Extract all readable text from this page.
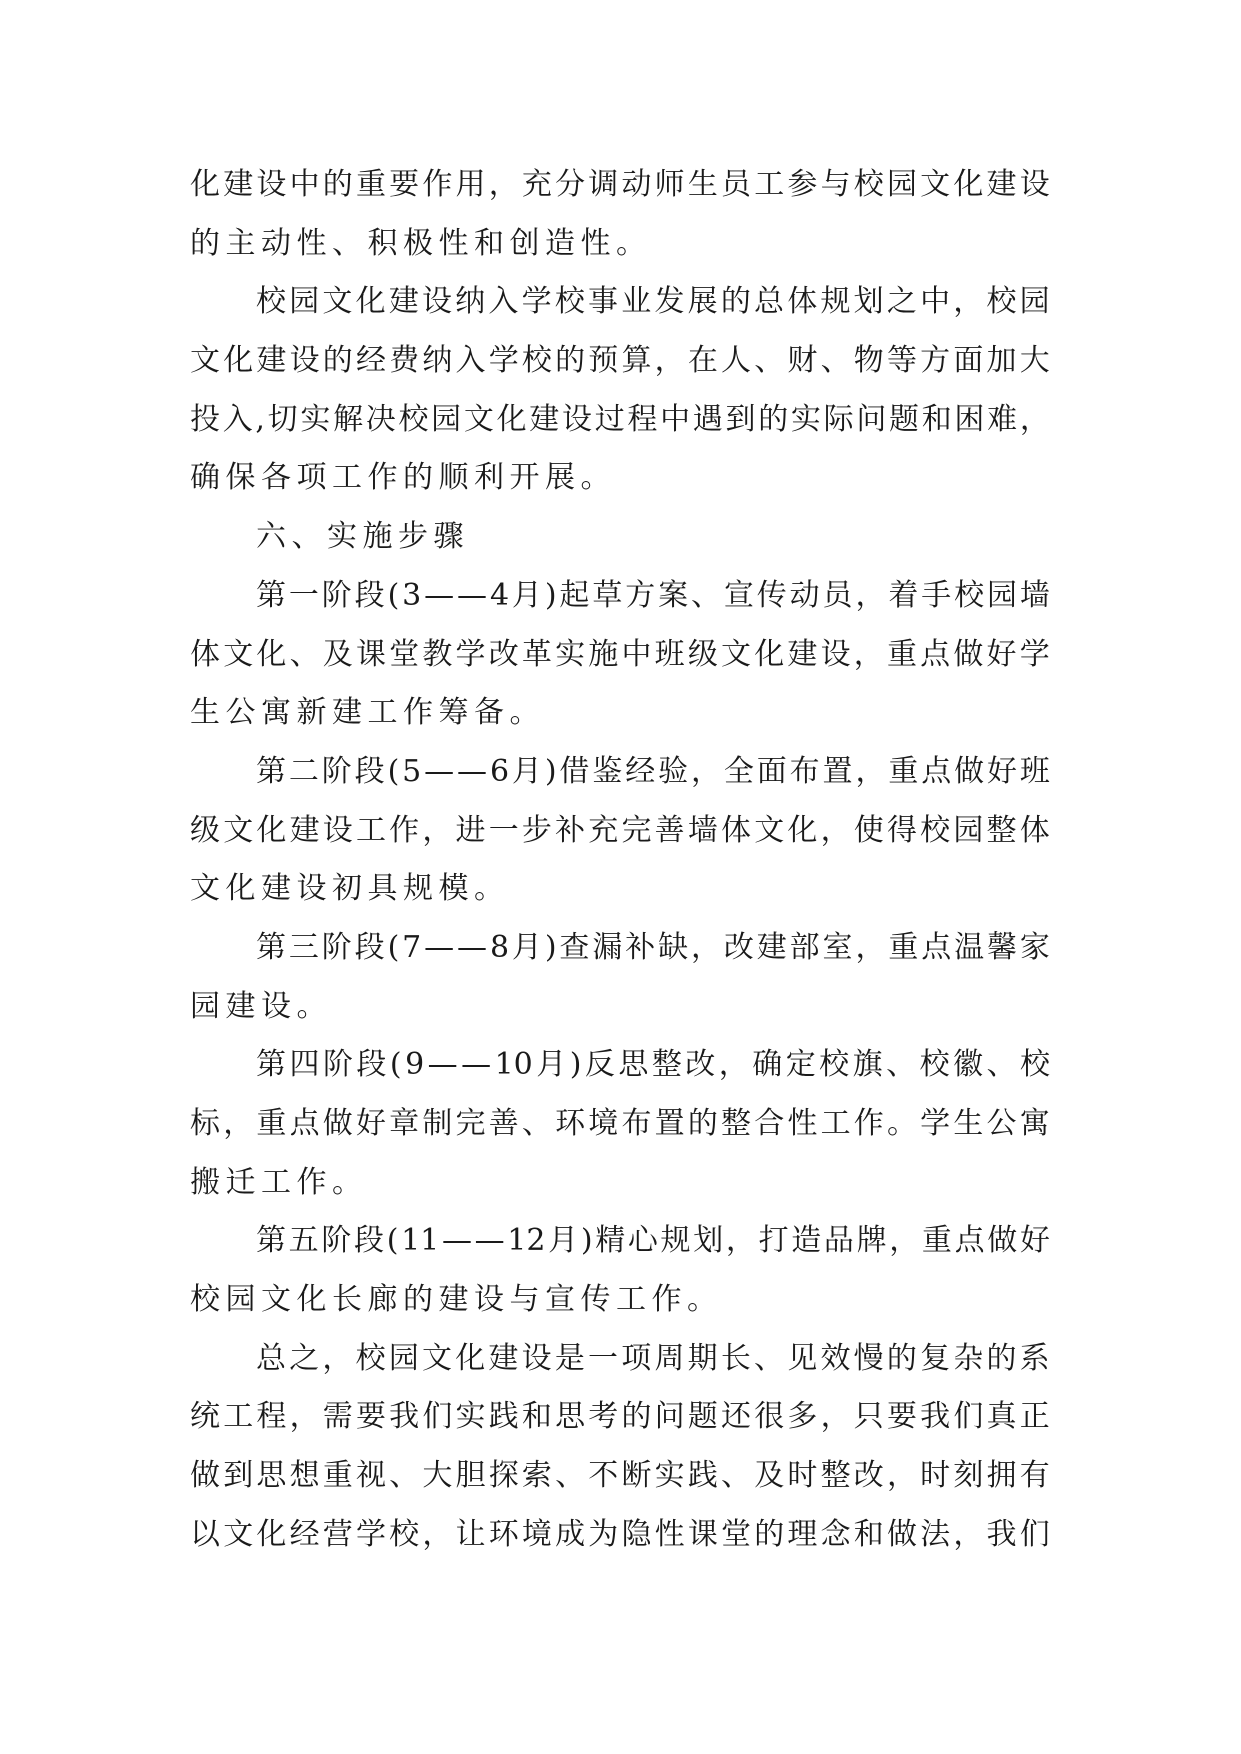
化 建 设 中 的 重 要 作 用 ， 充 分 调 动 师 生 员 工 参 与 校 园 文 化 建 设
的主动性、积极性和创造性。
校 园 文 化 建 设 纳 入 学 校 事 业 发 展 的 总 体 规 划 之 中 ， 校 园
文 化 建 设 的 经 费 纳 入 学 校 的 预 算 ， 在 人 、 财 、 物 等 方 面 加 大
投 入 , 切 实 解 决 校 园 文 化 建 设 过 程 中 遇 到 的 实 际 问 题 和 困 难 ，
确保各项工作的顺利开展。
六、实施步骤
第 一 阶 段 ( 3 — — 4 月 ) 起 草 方 案 、 宣 传 动 员 ， 着 手 校 园 墙
体 文 化 、 及 课 堂 教 学 改 革 实 施 中 班 级 文 化 建 设 ， 重 点 做 好 学
生公寓新建工作筹备。
第 二 阶 段 ( 5 — — 6 月 ) 借 鉴 经 验 ， 全 面 布 置 ， 重 点 做 好 班
级 文 化 建 设 工 作 ， 进 一 步 补 充 完 善 墙 体 文 化 ， 使 得 校 园 整 体
文化建设初具规模。
第 三 阶 段 ( 7 — — 8 月 ) 查 漏 补 缺 ， 改 建 部 室 ， 重 点 温 馨 家
园建设。
第 四 阶 段 ( 9 — — 10 月 ) 反 思 整 改 ， 确 定 校 旗 、 校 徽 、 校
标 ， 重 点 做 好 章 制 完 善 、 环 境 布 置 的 整 合 性 工 作 。 学 生 公 寓
搬迁工作。
第 五 阶 段 ( 11 — — 12 月 ) 精 心 规 划 ， 打 造 品 牌 ， 重 点 做 好
校园文化长廊的建设与宣传工作。
总 之 ， 校 园 文 化 建 设 是 一 项 周 期 长 、 见 效 慢 的 复 杂 的 系
统 工 程 ， 需 要 我 们 实 践 和 思 考 的 问 题 还 很 多 ， 只 要 我 们 真 正
做 到 思 想 重 视 、 大 胆 探 索 、 不 断 实 践 、 及 时 整 改 ， 时 刻 拥 有
以 文 化 经 营 学 校 ， 让 环 境 成 为 隐 性 课 堂 的 理 念 和 做 法 ， 我 们
